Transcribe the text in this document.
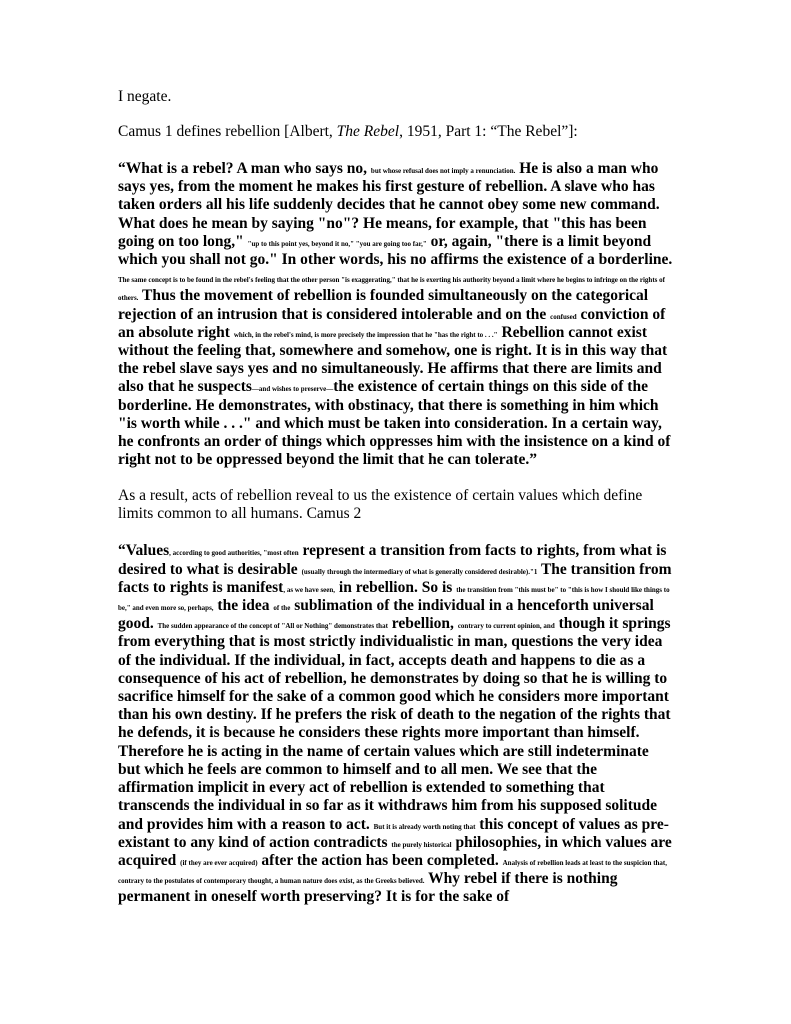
I negate.

Camus 1 defines rebellion [Albert, The Rebel, 1951, Part 1: “The Rebel”]:

“What is a rebel? A man who says no, but whose refusal does not imply a renunciation. He is also a man who says yes, from the moment he makes his first gesture of rebellion. A slave who has taken orders all his life suddenly decides that he cannot obey some new command. What does he mean by saying "no"? He means, for example, that "this has been going on too long," "up to this point yes, beyond it no," "you are going too far," or, again, "there is a limit beyond which you shall not go." In other words, his no affirms the existence of a borderline. The same concept is to be found in the rebel's feeling that the other person "is exaggerating," that he is exerting his authority beyond a limit where he begins to infringe on the rights of others. Thus the movement of rebellion is founded simultaneously on the categorical rejection of an intrusion that is considered intolerable and on the confused conviction of an absolute right which, in the rebel's mind, is more precisely the impression that he "has the right to . . ." Rebellion cannot exist without the feeling that, somewhere and somehow, one is right. It is in this way that the rebel slave says yes and no simultaneously. He affirms that there are limits and also that he suspects—and wishes to preserve—the existence of certain things on this side of the borderline. He demonstrates, with obstinacy, that there is something in him which "is worth while . . ." and which must be taken into consideration. In a certain way, he confronts an order of things which oppresses him with the insistence on a kind of right not to be oppressed beyond the limit that he can tolerate.”

As a result, acts of rebellion reveal to us the existence of certain values which define limits common to all humans. Camus 2

“Values, according to good authorities, "most often represent a transition from facts to rights, from what is desired to what is desirable (usually through the intermediary of what is generally considered desirable)."1 The transition from facts to rights is manifest, as we have seen, in rebellion. So is the transition from "this must be" to "this is how I should like things to be," and even more so, perhaps, the idea of the sublimation of the individual in a henceforth universal good. The sudden appearance of the concept of "All or Nothing" demonstrates that rebellion, contrary to current opinion, and though it springs from everything that is most strictly individualistic in man, questions the very idea of the individual. If the individual, in fact, accepts death and happens to die as a consequence of his act of rebellion, he demonstrates by doing so that he is willing to sacrifice himself for the sake of a common good which he considers more important than his own destiny. If he prefers the risk of death to the negation of the rights that he defends, it is because he considers these rights more important than himself. Therefore he is acting in the name of certain values which are still indeterminate but which he feels are common to himself and to all men. We see that the affirmation implicit in every act of rebellion is extended to something that transcends the individual in so far as it withdraws him from his supposed solitude and provides him with a reason to act. But it is already worth noting that this concept of values as pre-existant to any kind of action contradicts the purely historical philosophies, in which values are acquired (if they are ever acquired) after the action has been completed. Analysis of rebellion leads at least to the suspicion that, contrary to the postulates of contemporary thought, a human nature does exist, as the Greeks believed. Why rebel if there is nothing permanent in oneself worth preserving? It is for the sake of
